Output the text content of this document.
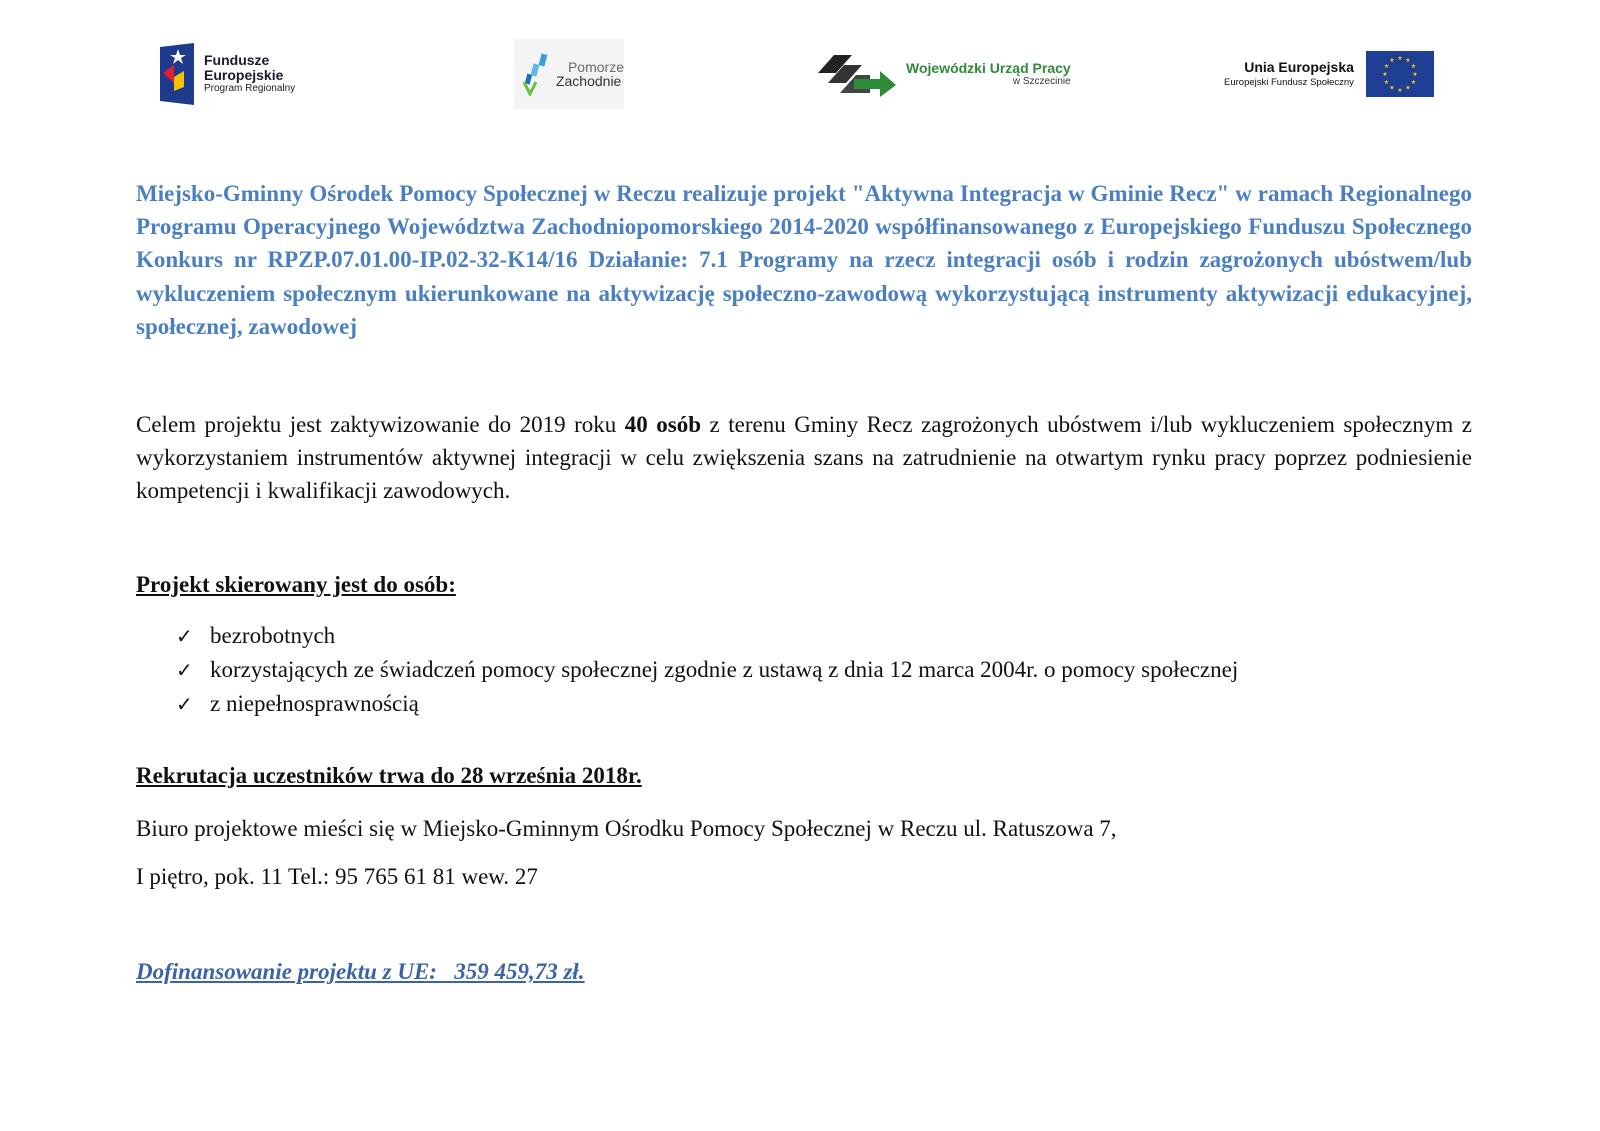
Fundusze
Europejskie
Program Regionalny
Pomorze
Zachodnie
Wojewódzki Urząd Pracy
w Szczecinie
Unia Europejska
Europejski Fundusz Społeczny
★ ★
★
★
★
★
★
★
★
★
★
★

Miejsko-Gminny Ośrodek Pomocy Społecznej w Reczu realizuje projekt "Aktywna Integracja w Gminie Recz" w ramach Regionalnego Programu Operacyjnego Województwa Zachodniopomorskiego 2014-2020 współfinansowanego z Europejskiego Funduszu Społecznego Konkurs nr RPZP.07.01.00-IP.02-32-K14/16 Działanie: 7.1 Programy na rzecz integracji osób i rodzin zagrożonych ubóstwem/lub wykluczeniem społecznym ukierunkowane na aktywizację społeczno-zawodową wykorzystującą instrumenty aktywizacji edukacyjnej, społecznej, zawodowej

Celem projektu jest zaktywizowanie do 2019 roku 40 osób z terenu Gminy Recz zagrożonych ubóstwem i/lub wykluczeniem społecznym z wykorzystaniem instrumentów aktywnej integracji w celu zwiększenia szans na zatrudnienie na otwartym rynku pracy poprzez podniesienie kompetencji i kwalifikacji zawodowych.

Projekt skierowany jest do osób:

✓ bezrobotnych
✓ korzystających ze świadczeń pomocy społecznej zgodnie z ustawą z dnia 12 marca 2004r. o pomocy społecznej
✓ z niepełnosprawnością

Rekrutacja uczestników trwa do 28 września 2018r.

Biuro projektowe mieści się w Miejsko-Gminnym Ośrodku Pomocy Społecznej w Reczu ul. Ratuszowa 7,

I piętro, pok. 11 Tel.: 95 765 61 81 wew. 27

Dofinansowanie projektu z UE:   359 459,73 zł.
